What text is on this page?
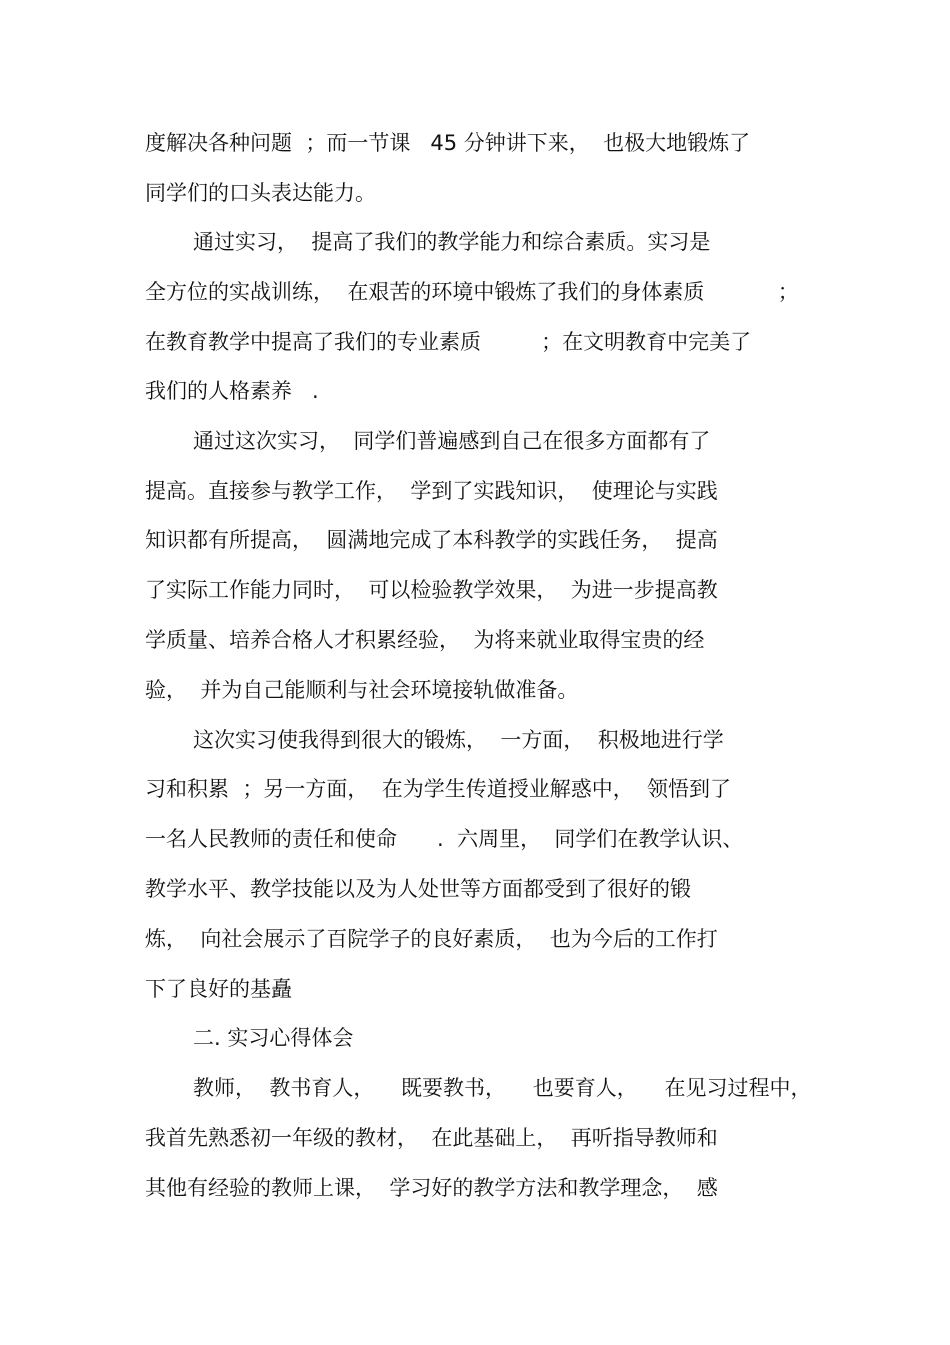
度解决各种问题  ；而一节课   45 分钟讲下来，  也极大地锻炼了
同学们的口头表达能力。
通过实习，  提高了我们的教学能力和综合素质。实习是
全方位的实战训练，  在艰苦的环境中锻炼了我们的身体素质           ；
在教育教学中提高了我们的专业素质         ；在文明教育中完美了
我们的人格素养   .
通过这次实习，  同学们普遍感到自己在很多方面都有了
提高。直接参与教学工作，  学到了实践知识，  使理论与实践
知识都有所提高，  圆满地完成了本科教学的实践任务，  提高
了实际工作能力同时，  可以检验教学效果，  为进一步提高教
学质量、培养合格人才积累经验，  为将来就业取得宝贵的经
验，  并为自己能顺利与社会环境接轨做准备。
这次实习使我得到很大的锻炼，  一方面，  积极地进行学
习和积累  ；另一方面，  在为学生传道授业解惑中，  领悟到了
一名人民教师的责任和使命      .  六周里，  同学们在教学认识、
教学水平、教学技能以及为人处世等方面都受到了很好的锻
炼，  向社会展示了百院学子的良好素质，  也为今后的工作打
下了良好的基矗
二. 实习心得体会
教师，  教书育人，    既要教书，    也要育人，    在见习过程中，
我首先熟悉初一年级的教材，  在此基础上，  再听指导教师和
其他有经验的教师上课，  学习好的教学方法和教学理念，  感
